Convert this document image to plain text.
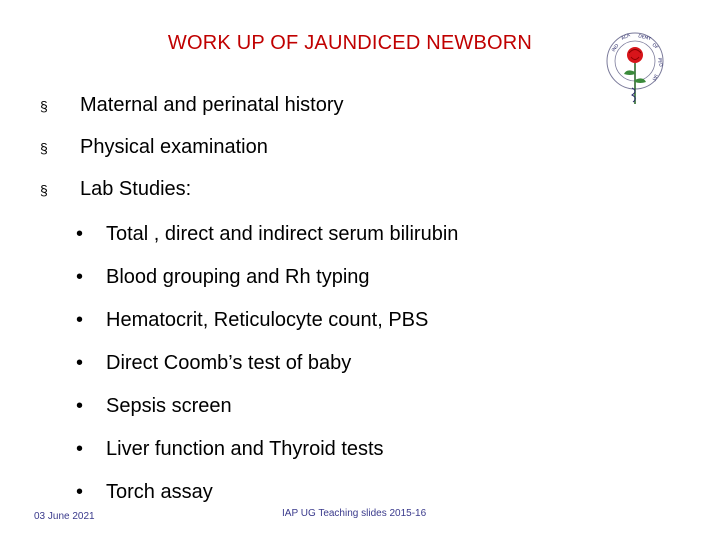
WORK UP OF JAUNDICED NEWBORN	IND
ACA DEMY
OF
PED
IAT
§ Maternal and perinatal history
§ Physical examination
§ Lab Studies:
• Total , direct and indirect serum bilirubin
• Blood grouping and Rh typing
• Hematocrit, Reticulocyte count, PBS
• Direct Coomb’s test of baby
• Sepsis screen
• Liver function and Thyroid tests
• Torch assay
03 June 2021	IAP UG Teaching slides 2015-16
